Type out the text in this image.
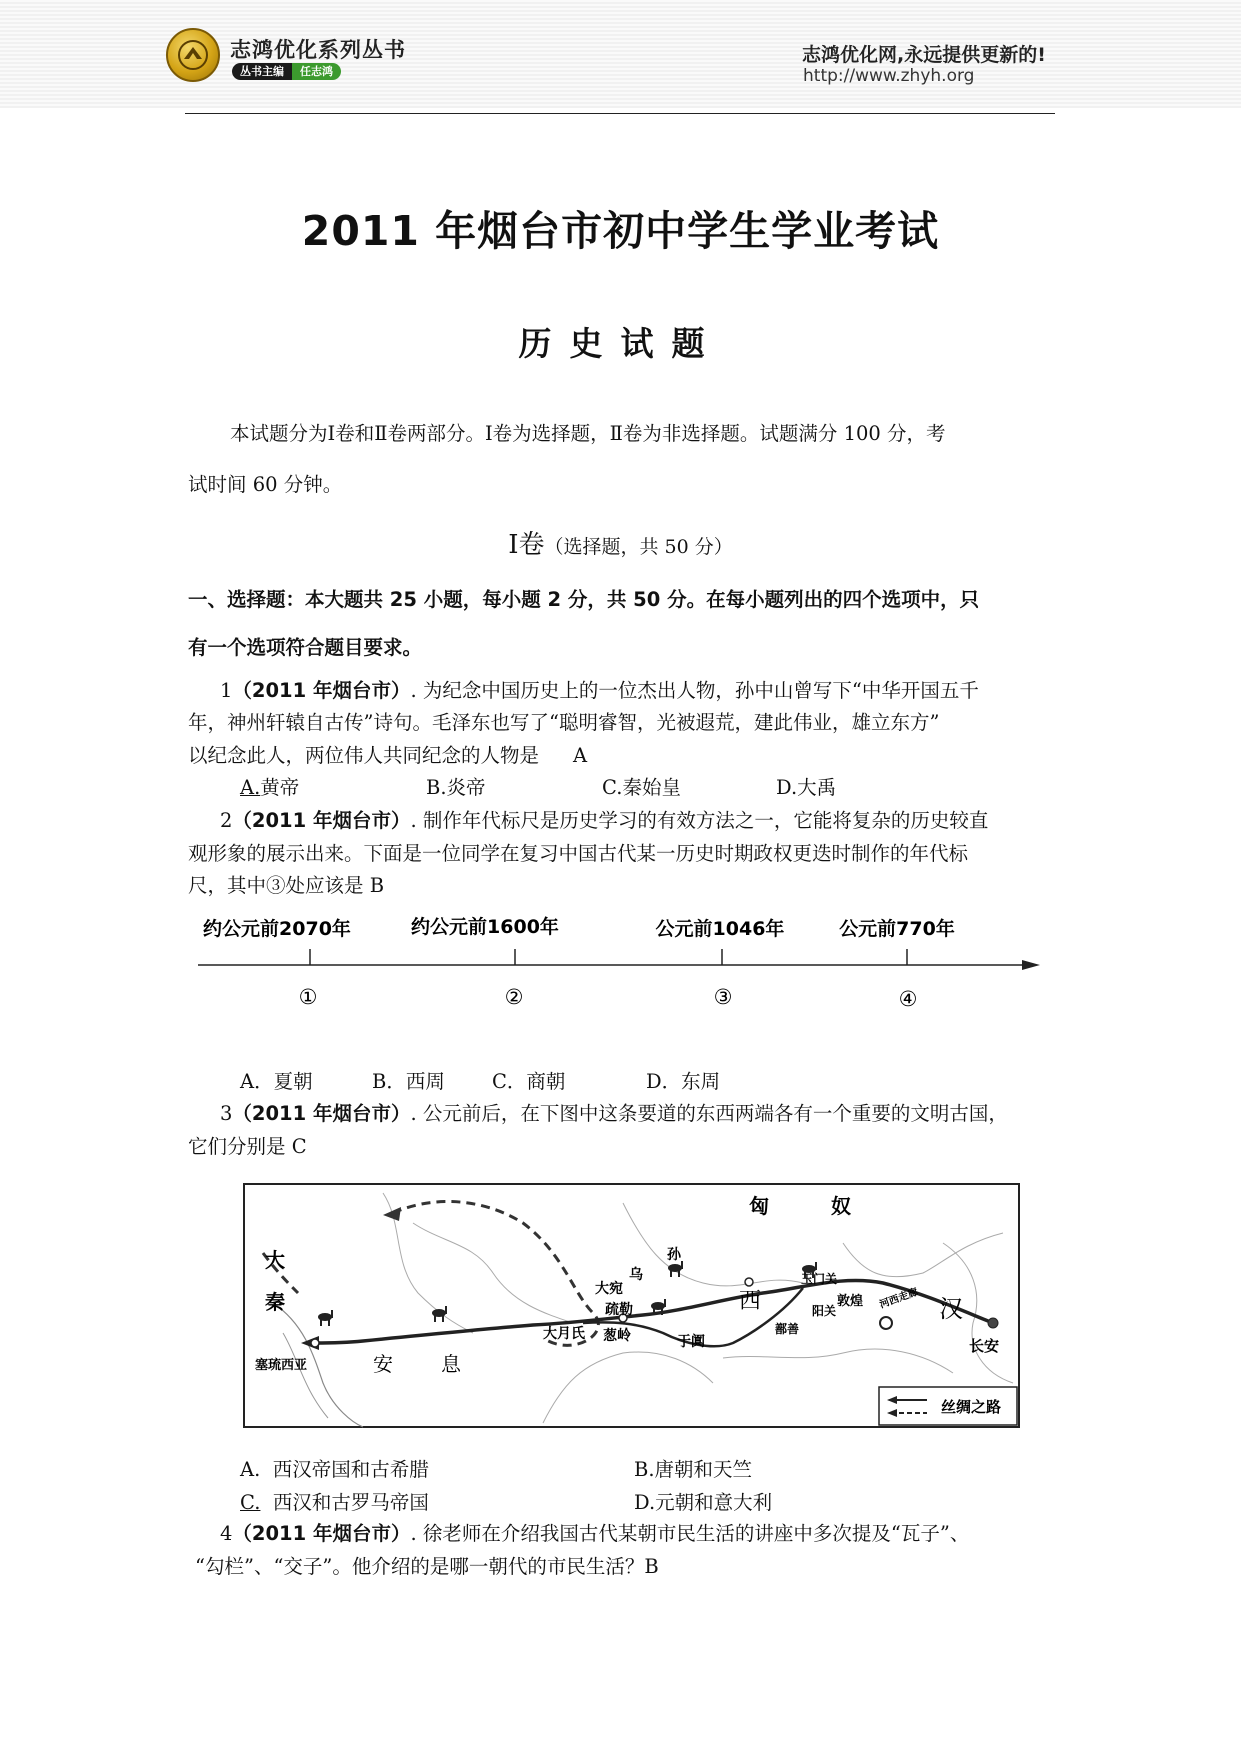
志鸿优化系列丛书
丛书主编	任志鸿
志鸿优化网,永远提供更新的!
http://www.zhyh.org
2011 年烟台市初中学生学业考试
历史试题
本试题分为Ⅰ卷和Ⅱ卷两部分。Ⅰ卷为选择题，Ⅱ卷为非选择题。试题满分 100 分，考
试时间 60 分钟。
Ⅰ卷（选择题，共 50 分）
一、选择题：本大题共 25 小题，每小题 2 分，共 50 分。在每小题列出的四个选项中，只
有一个选项符合题目要求。
1（2011 年烟台市）. 为纪念中国历史上的一位杰出人物，孙中山曾写下“中华开国五千
年，神州轩辕自古传”诗句。毛泽东也写了“聪明睿智，光被遐荒，建此伟业，雄立东方”
以纪念此人，两位伟人共同纪念的人物是 A
A.黄帝	B.炎帝	C.秦始皇	D.大禹
2（2011 年烟台市）. 制作年代标尺是历史学习的有效方法之一，它能将复杂的历史较直
观形象的展示出来。下面是一位同学在复习中国古代某一历史时期政权更迭时制作的年代标
尺，其中③处应该是 B
约公元前2070年	约公元前1600年	公元前1046年	公元前770年
①	②	③	④
A．夏朝	B．西周 C．商朝	D．东周
3（2011 年烟台市）. 公元前后，在下图中这条要道的东西两端各有一个重要的文明古国，
它们分别是 C
匈	奴
大
秦
塞琉西亚	安 息
大宛
乌
孙
疏勒
葱岭
大月氏	于阗
西
鄯善
阳关
玉门关
敦煌 河西走廊 汉
长安
丝绸之路
A. 西汉帝国和古希腊	B.唐朝和天竺
C. 西汉和古罗马帝国	D.元朝和意大利
4（2011 年烟台市）. 徐老师在介绍我国古代某朝市民生活的讲座中多次提及“瓦子”、
“勾栏”、“交子”。他介绍的是哪一朝代的市民生活？B
